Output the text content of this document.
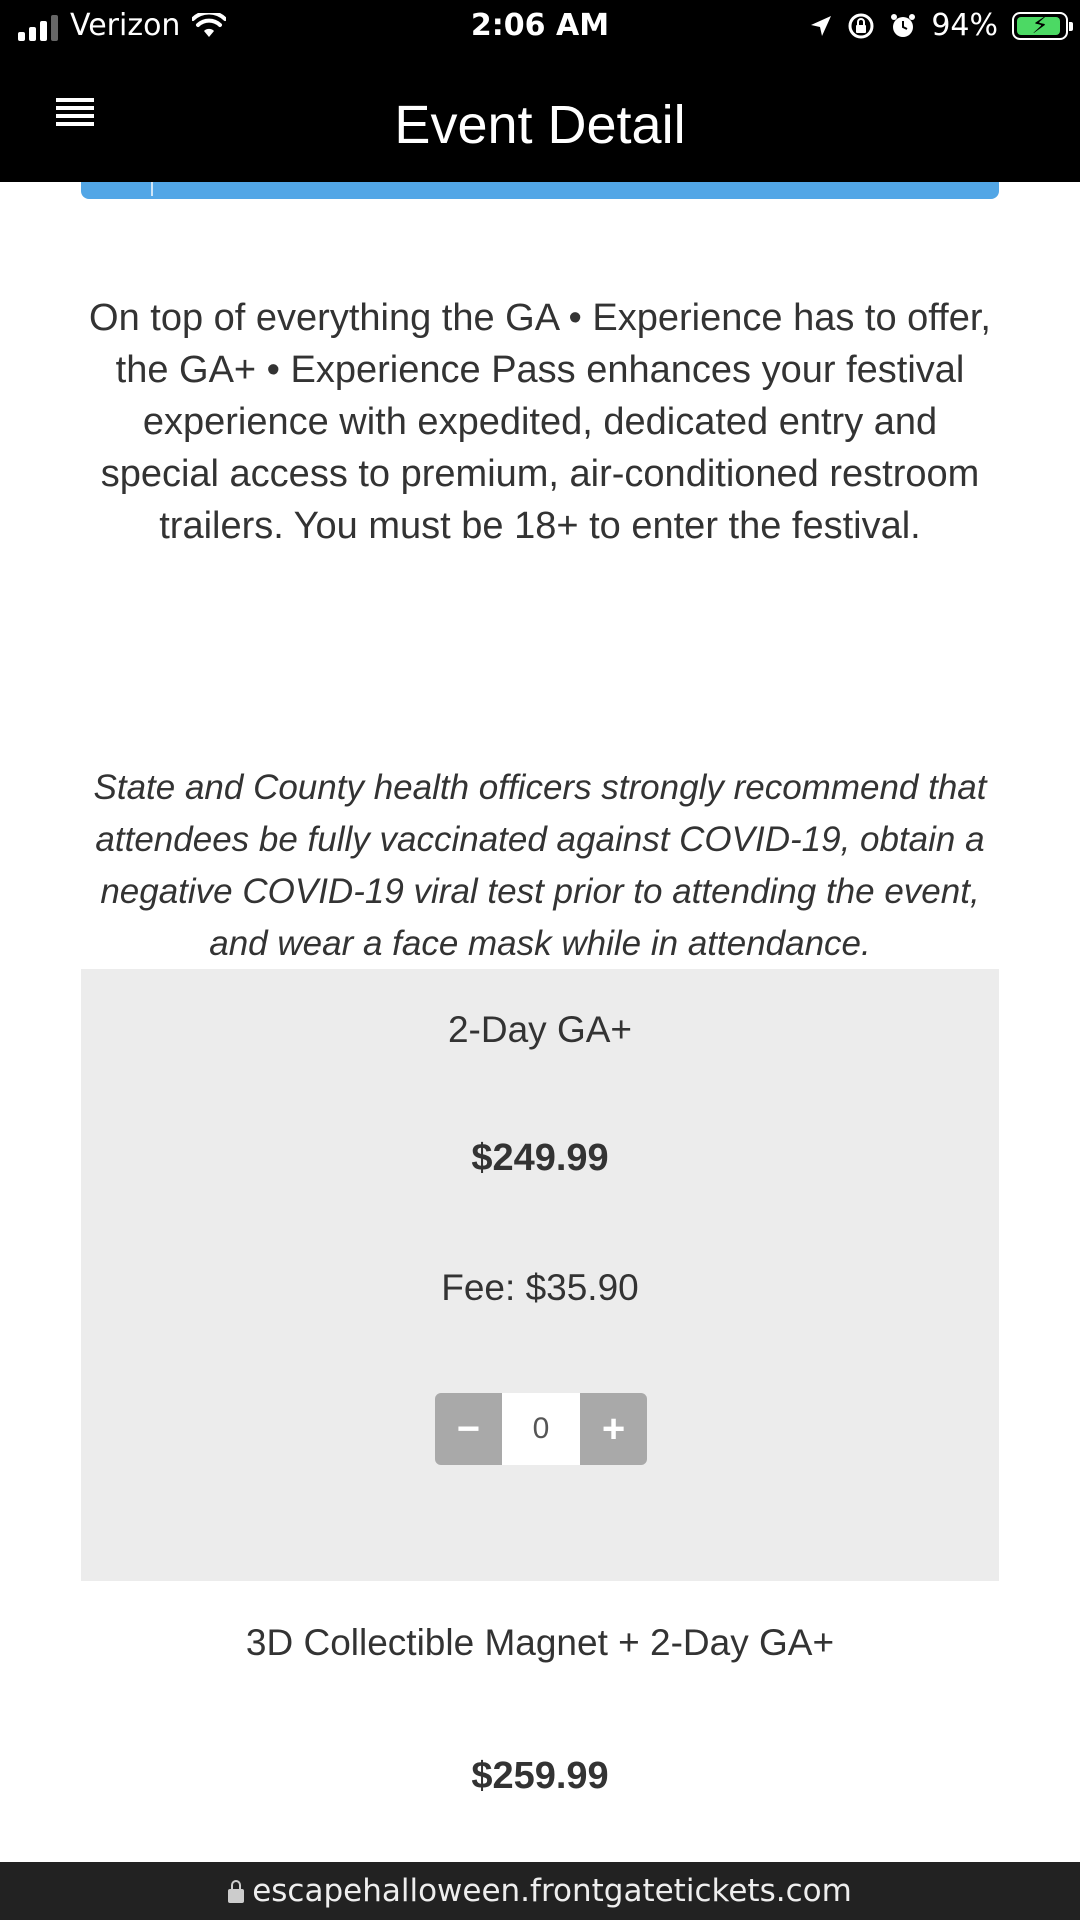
Verizon	2:06 AM	94%	⚡
Event Detail
On top of everything the GA • Experience has to offer, the GA+ • Experience Pass enhances your festival experience with expedited, dedicated entry and special access to premium, air-conditioned restroom trailers. You must be 18+ to enter the festival.
State and County health officers strongly recommend that attendees be fully vaccinated against COVID-19, obtain a negative COVID-19 viral test prior to attending the event, and wear a face mask while in attendance.
2-Day GA+
$249.99
Fee: $35.90
−
0	+
3D Collectible Magnet + 2-Day GA+
$259.99
escapehalloween.frontgatetickets.com
